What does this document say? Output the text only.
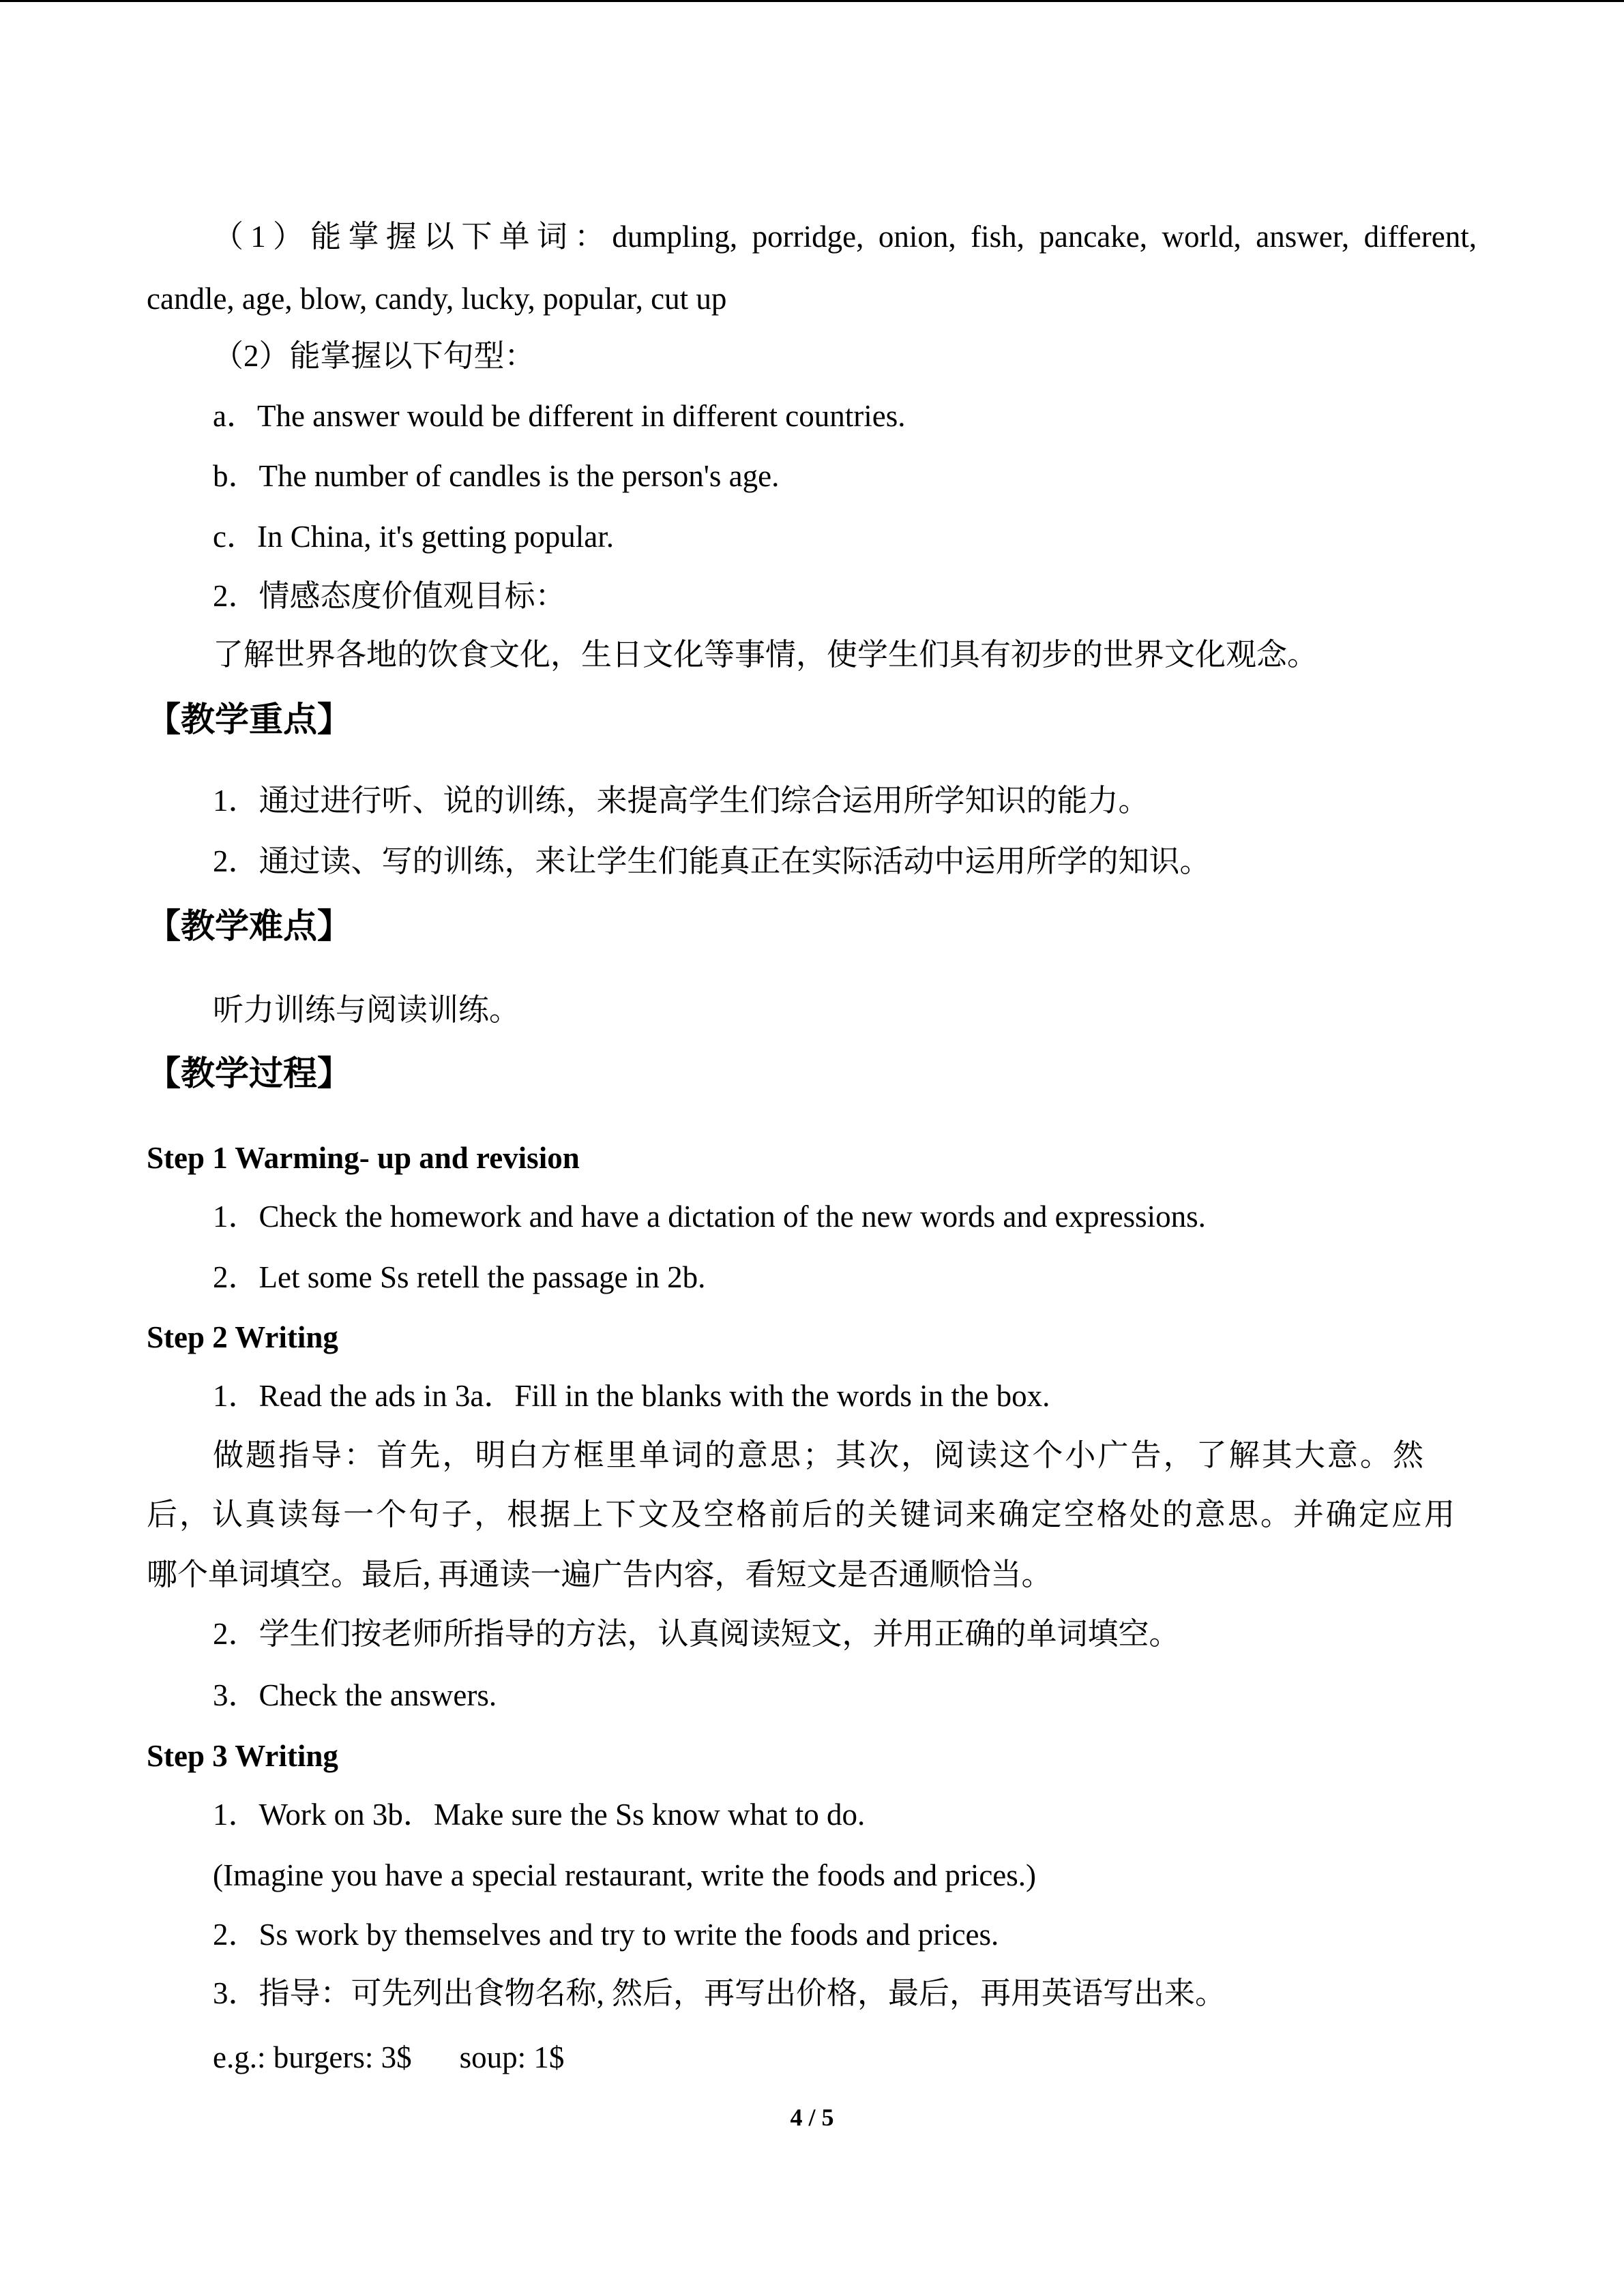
（1）能掌握以下单词：dumpling, porridge, onion, fish, pancake, world, answer, different,
candle, age, blow, candy, lucky, popular, cut up
（2）能掌握以下句型：
a．The answer would be different in different countries.
b．The number of candles is the person's age.
c．In China, it's getting popular.
2．情感态度价值观目标：
了解世界各地的饮食文化，生日文化等事情，使学生们具有初步的世界文化观念。
【教学重点】
1．通过进行听、说的训练，来提高学生们综合运用所学知识的能力。
2．通过读、写的训练，来让学生们能真正在实际活动中运用所学的知识。
【教学难点】
听力训练与阅读训练。
【教学过程】
Step 1 Warming- up and revision
1．Check the homework and have a dictation of the new words and expressions.
2．Let some Ss retell the passage in 2b.
Step 2 Writing
1．Read the ads in 3a．Fill in the blanks with the words in the box.
做题指导：首先，明白方框里单词的意思；其次，阅读这个小广告，了解其大意。然
后，认真读每一个句子，根据上下文及空格前后的关键词来确定空格处的意思。并确定应用
哪个单词填空。最后, 再通读一遍广告内容，看短文是否通顺恰当。
2．学生们按老师所指导的方法，认真阅读短文，并用正确的单词填空。
3．Check the answers.
Step 3 Writing
1．Work on 3b．Make sure the Ss know what to do.
(Imagine you have a special restaurant, write the foods and prices.)
2．Ss work by themselves and try to write the foods and prices.
3．指导：可先列出食物名称, 然后，再写出价格，最后，再用英语写出来。
e.g.: burgers: 3$ soup: 1$
4 / 5
